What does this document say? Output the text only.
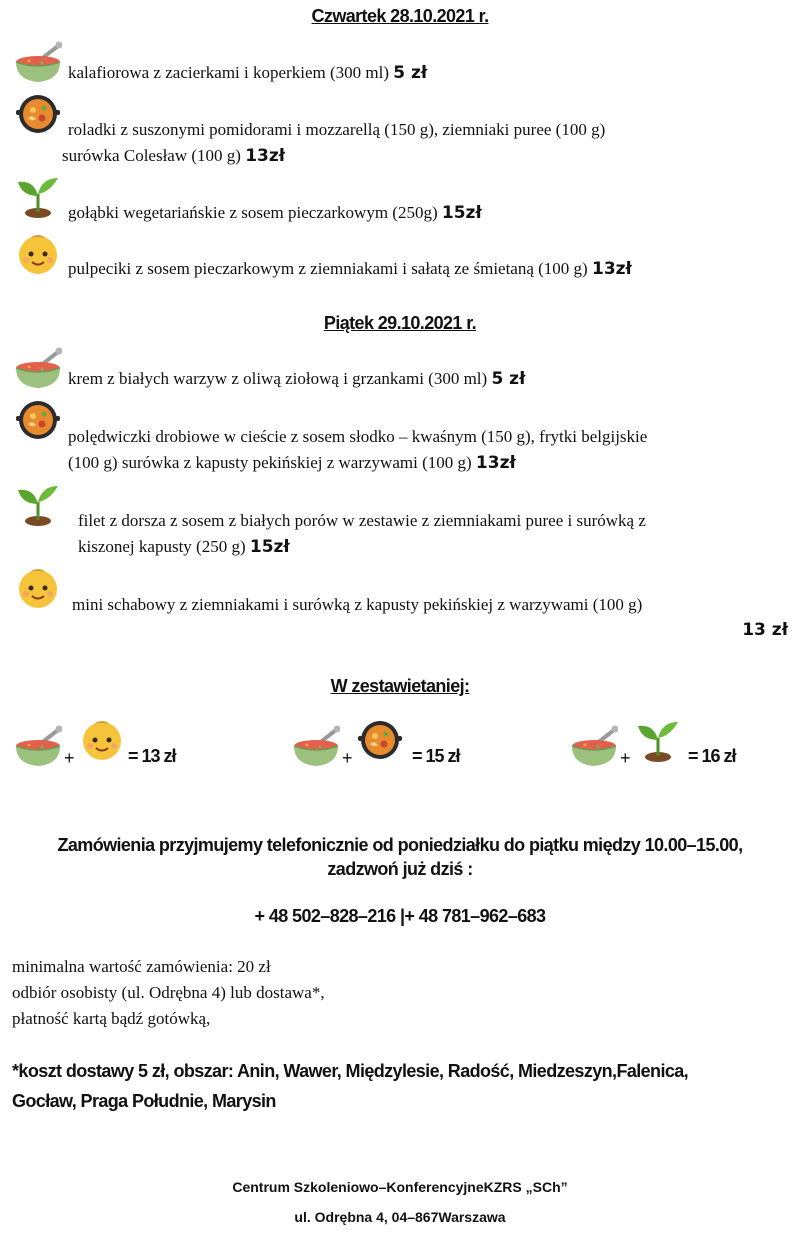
Czwartek 28.10.2021 r.
kalafiorowa z zacierkami i koperkiem (300 ml) 5 zł
roladki z suszonymi pomidorami i mozzarellą (150 g), ziemniaki puree (100 g)
surówka Colesław (100 g) 13zł
gołąbki wegetariańskie z sosem pieczarkowym (250g) 15zł
pulpeciki z sosem pieczarkowym z ziemniakami i sałatą ze śmietaną (100 g) 13zł
Piątek 29.10.2021 r.
krem z białych warzyw z oliwą ziołową i grzankami (300 ml) 5 zł
polędwiczki drobiowe w cieście z sosem słodko – kwaśnym (150 g), frytki belgijskie
(100 g) surówka z kapusty pekińskiej z warzywami (100 g) 13zł
filet z dorsza z sosem z białych porów w zestawie z ziemniakami puree i surówką z
kiszonej kapusty (250 g) 15zł
mini schabowy z ziemniakami i surówką z kapusty pekińskiej z warzywami (100 g)
13 zł
W zestawietaniej:
+	= 13 zł	+	= 15 zł	+	= 16 zł
Zamówienia przyjmujemy telefonicznie od poniedziałku do piątku między 10.00–15.00,
zadzwoń już dziś :
+ 48 502–828–216 |+ 48 781–962–683
minimalna wartość zamówienia: 20 zł
odbiór osobisty (ul. Odrębna 4) lub dostawa*,
płatność kartą bądź gotówką,
*koszt dostawy 5 zł, obszar: Anin, Wawer, Międzylesie, Radość, Miedzeszyn,Falenica,
Gocław, Praga Południe, Marysin
Centrum Szkoleniowo–KonferencyjneKZRS „SCh”
ul. Odrębna 4, 04–867Warszawa
